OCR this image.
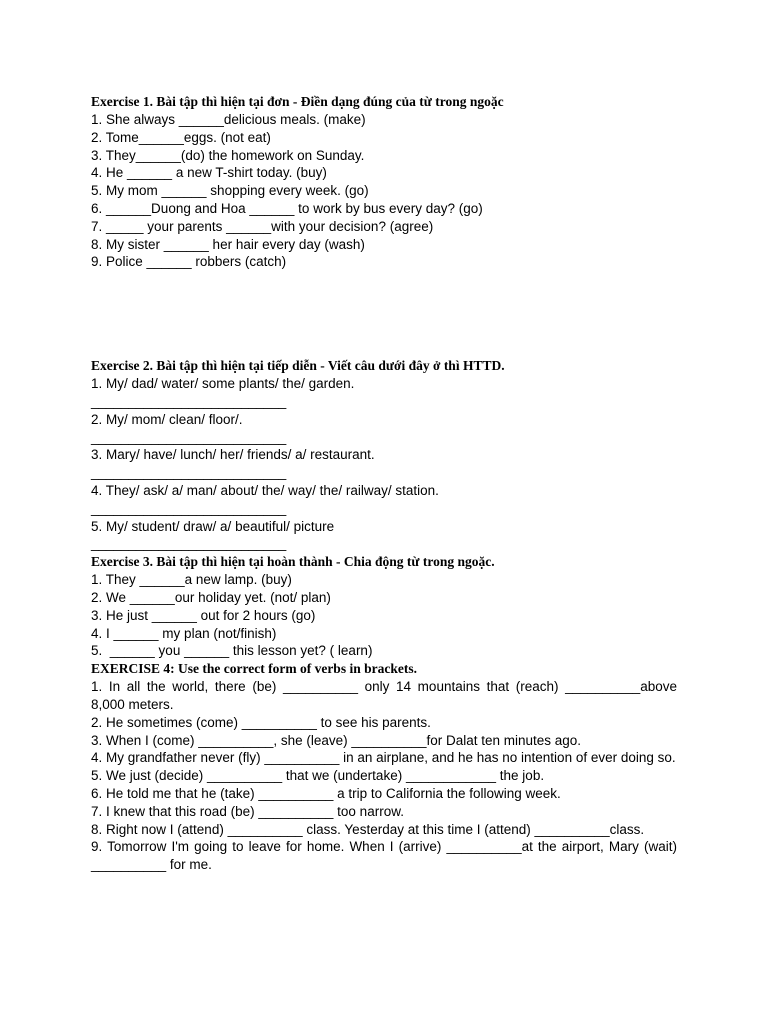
Exercise 1. Bài tập thì hiện tại đơn - Điền dạng đúng của từ trong ngoặc
1. She always ______delicious meals. (make)
2. Tome______eggs. (not eat)
3. They______(do) the homework on Sunday.
4. He ______ a new T-shirt today. (buy)
5. My mom ______ shopping every week. (go)
6. ______Duong and Hoa ______ to work by bus every day? (go)
7. _____ your parents ______with your decision? (agree)
8. My sister ______ her hair every day (wash)
9. Police ______ robbers (catch)
Exercise 2. Bài tập thì hiện tại tiếp diễn - Viết câu dưới đây ở thì HTTD.
1. My/ dad/ water/ some plants/ the/ garden.
__________________________
2. My/ mom/ clean/ floor/.
__________________________
3. Mary/ have/ lunch/ her/ friends/ a/ restaurant.
__________________________
4. They/ ask/ a/ man/ about/ the/ way/ the/ railway/ station.
__________________________
5. My/ student/ draw/ a/ beautiful/ picture
__________________________
Exercise 3. Bài tập thì hiện tại hoàn thành - Chia động từ trong ngoặc.
1. They ______a new lamp. (buy)
2. We ______our holiday yet. (not/ plan)
3. He just ______ out for 2 hours (go)
4. I ______ my plan (not/finish)
5.  ______ you ______ this lesson yet? ( learn)
EXERCISE 4: Use the correct form of verbs in brackets.
1. In all the world, there (be) __________ only 14 mountains that (reach) __________above 8,000 meters.
2. He sometimes (come) __________ to see his parents.
3. When I (come) __________, she (leave) __________for Dalat ten minutes ago.
4. My grandfather never (fly) __________ in an airplane, and he has no intention of ever doing so.
5. We just (decide) __________ that we (undertake) ____________ the job.
6. He told me that he (take) __________ a trip to California the following week.
7. I knew that this road (be) __________ too narrow.
8. Right now I (attend) __________ class. Yesterday at this time I (attend) __________class.
9. Tomorrow I'm going to leave for home. When I (arrive) __________at the airport, Mary (wait) __________ for me.
